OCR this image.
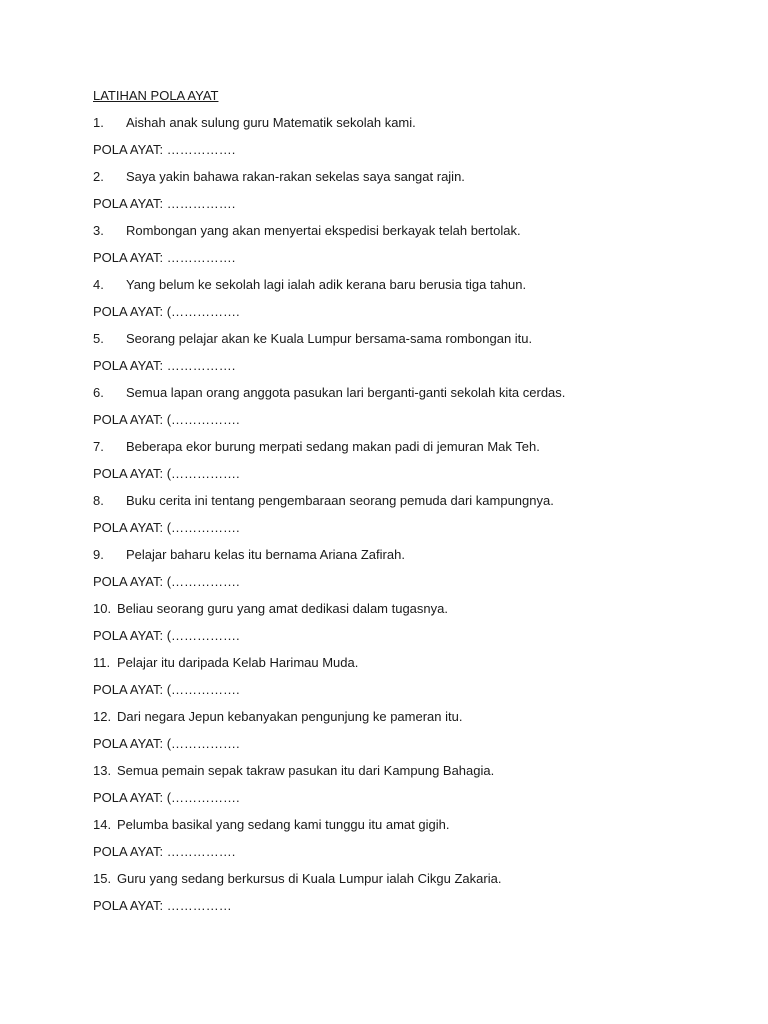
LATIHAN POLA AYAT
1.	Aishah anak sulung guru Matematik sekolah kami.
POLA AYAT: …………….
2.	Saya yakin bahawa rakan-rakan sekelas saya sangat rajin.
POLA AYAT: …………….
3.	Rombongan yang akan menyertai ekspedisi berkayak telah bertolak.
POLA AYAT: …………….
4.	Yang belum ke sekolah lagi ialah adik kerana baru berusia tiga tahun.
POLA AYAT: (…………….
5.	Seorang pelajar akan ke Kuala Lumpur bersama-sama rombongan itu.
POLA AYAT: …………….
6.	Semua lapan orang anggota pasukan lari berganti-ganti sekolah kita cerdas.
POLA AYAT: (…………….
7.	Beberapa ekor burung merpati sedang makan padi di jemuran Mak Teh.
POLA AYAT: (…………….
8.	Buku cerita ini tentang pengembaraan seorang pemuda dari kampungnya.
POLA AYAT: (…………….
9.	Pelajar baharu kelas itu bernama Ariana Zafirah.
POLA AYAT: (…………….
10. Beliau seorang guru yang amat dedikasi dalam tugasnya.
POLA AYAT: (…………….
11. Pelajar itu daripada Kelab Harimau Muda.
POLA AYAT: (…………….
12. Dari negara Jepun kebanyakan pengunjung ke pameran itu.
POLA AYAT: (…………….
13. Semua pemain sepak takraw pasukan itu dari Kampung Bahagia.
POLA AYAT: (…………….
14. Pelumba basikal yang sedang kami tunggu itu amat gigih.
POLA AYAT: …………….
15. Guru yang sedang berkursus di Kuala Lumpur ialah Cikgu Zakaria.
POLA AYAT: ……………
